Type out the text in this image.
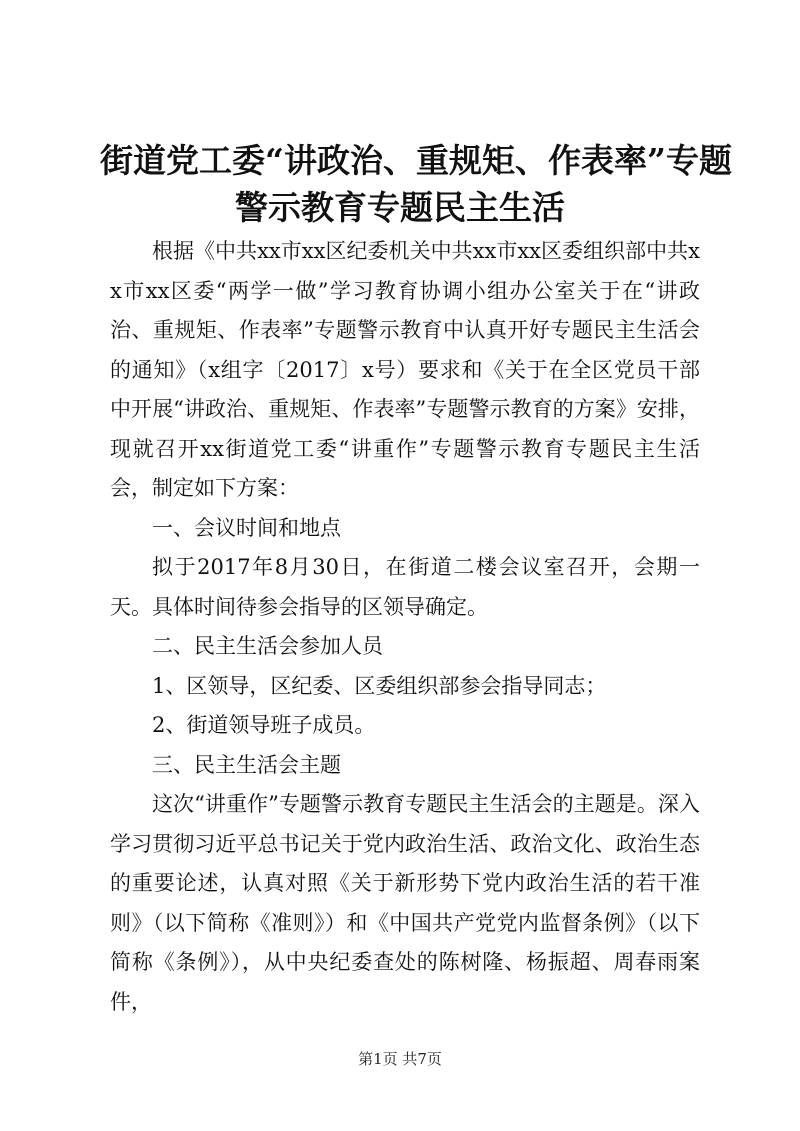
街道党工委“讲政治、重规矩、作表率”专题
警示教育专题民主生活

根据《中共xx市xx区纪委机关中共xx市xx区委组织部中共xx市xx区委“两学一做”学习教育协调小组办公室关于在“讲政治、重规矩、作表率”专题警示教育中认真开好专题民主生活会的通知》（x组字〔2017〕x号）要求和《关于在全区党员干部中开展“讲政治、重规矩、作表率”专题警示教育的方案》安排，现就召开xx街道党工委“讲重作”专题警示教育专题民主生活会，制定如下方案：

一、会议时间和地点

拟于2017年8月30日，在街道二楼会议室召开，会期一天。具体时间待参会指导的区领导确定。

二、民主生活会参加人员

1、区领导，区纪委、区委组织部参会指导同志；

2、街道领导班子成员。

三、民主生活会主题

这次“讲重作”专题警示教育专题民主生活会的主题是。深入学习贯彻习近平总书记关于党内政治生活、政治文化、政治生态的重要论述，认真对照《关于新形势下党内政治生活的若干准则》（以下简称《准则》）和《中国共产党党内监督条例》（以下简称《条例》），从中央纪委查处的陈树隆、杨振超、周春雨案件，

第1页 共7页
